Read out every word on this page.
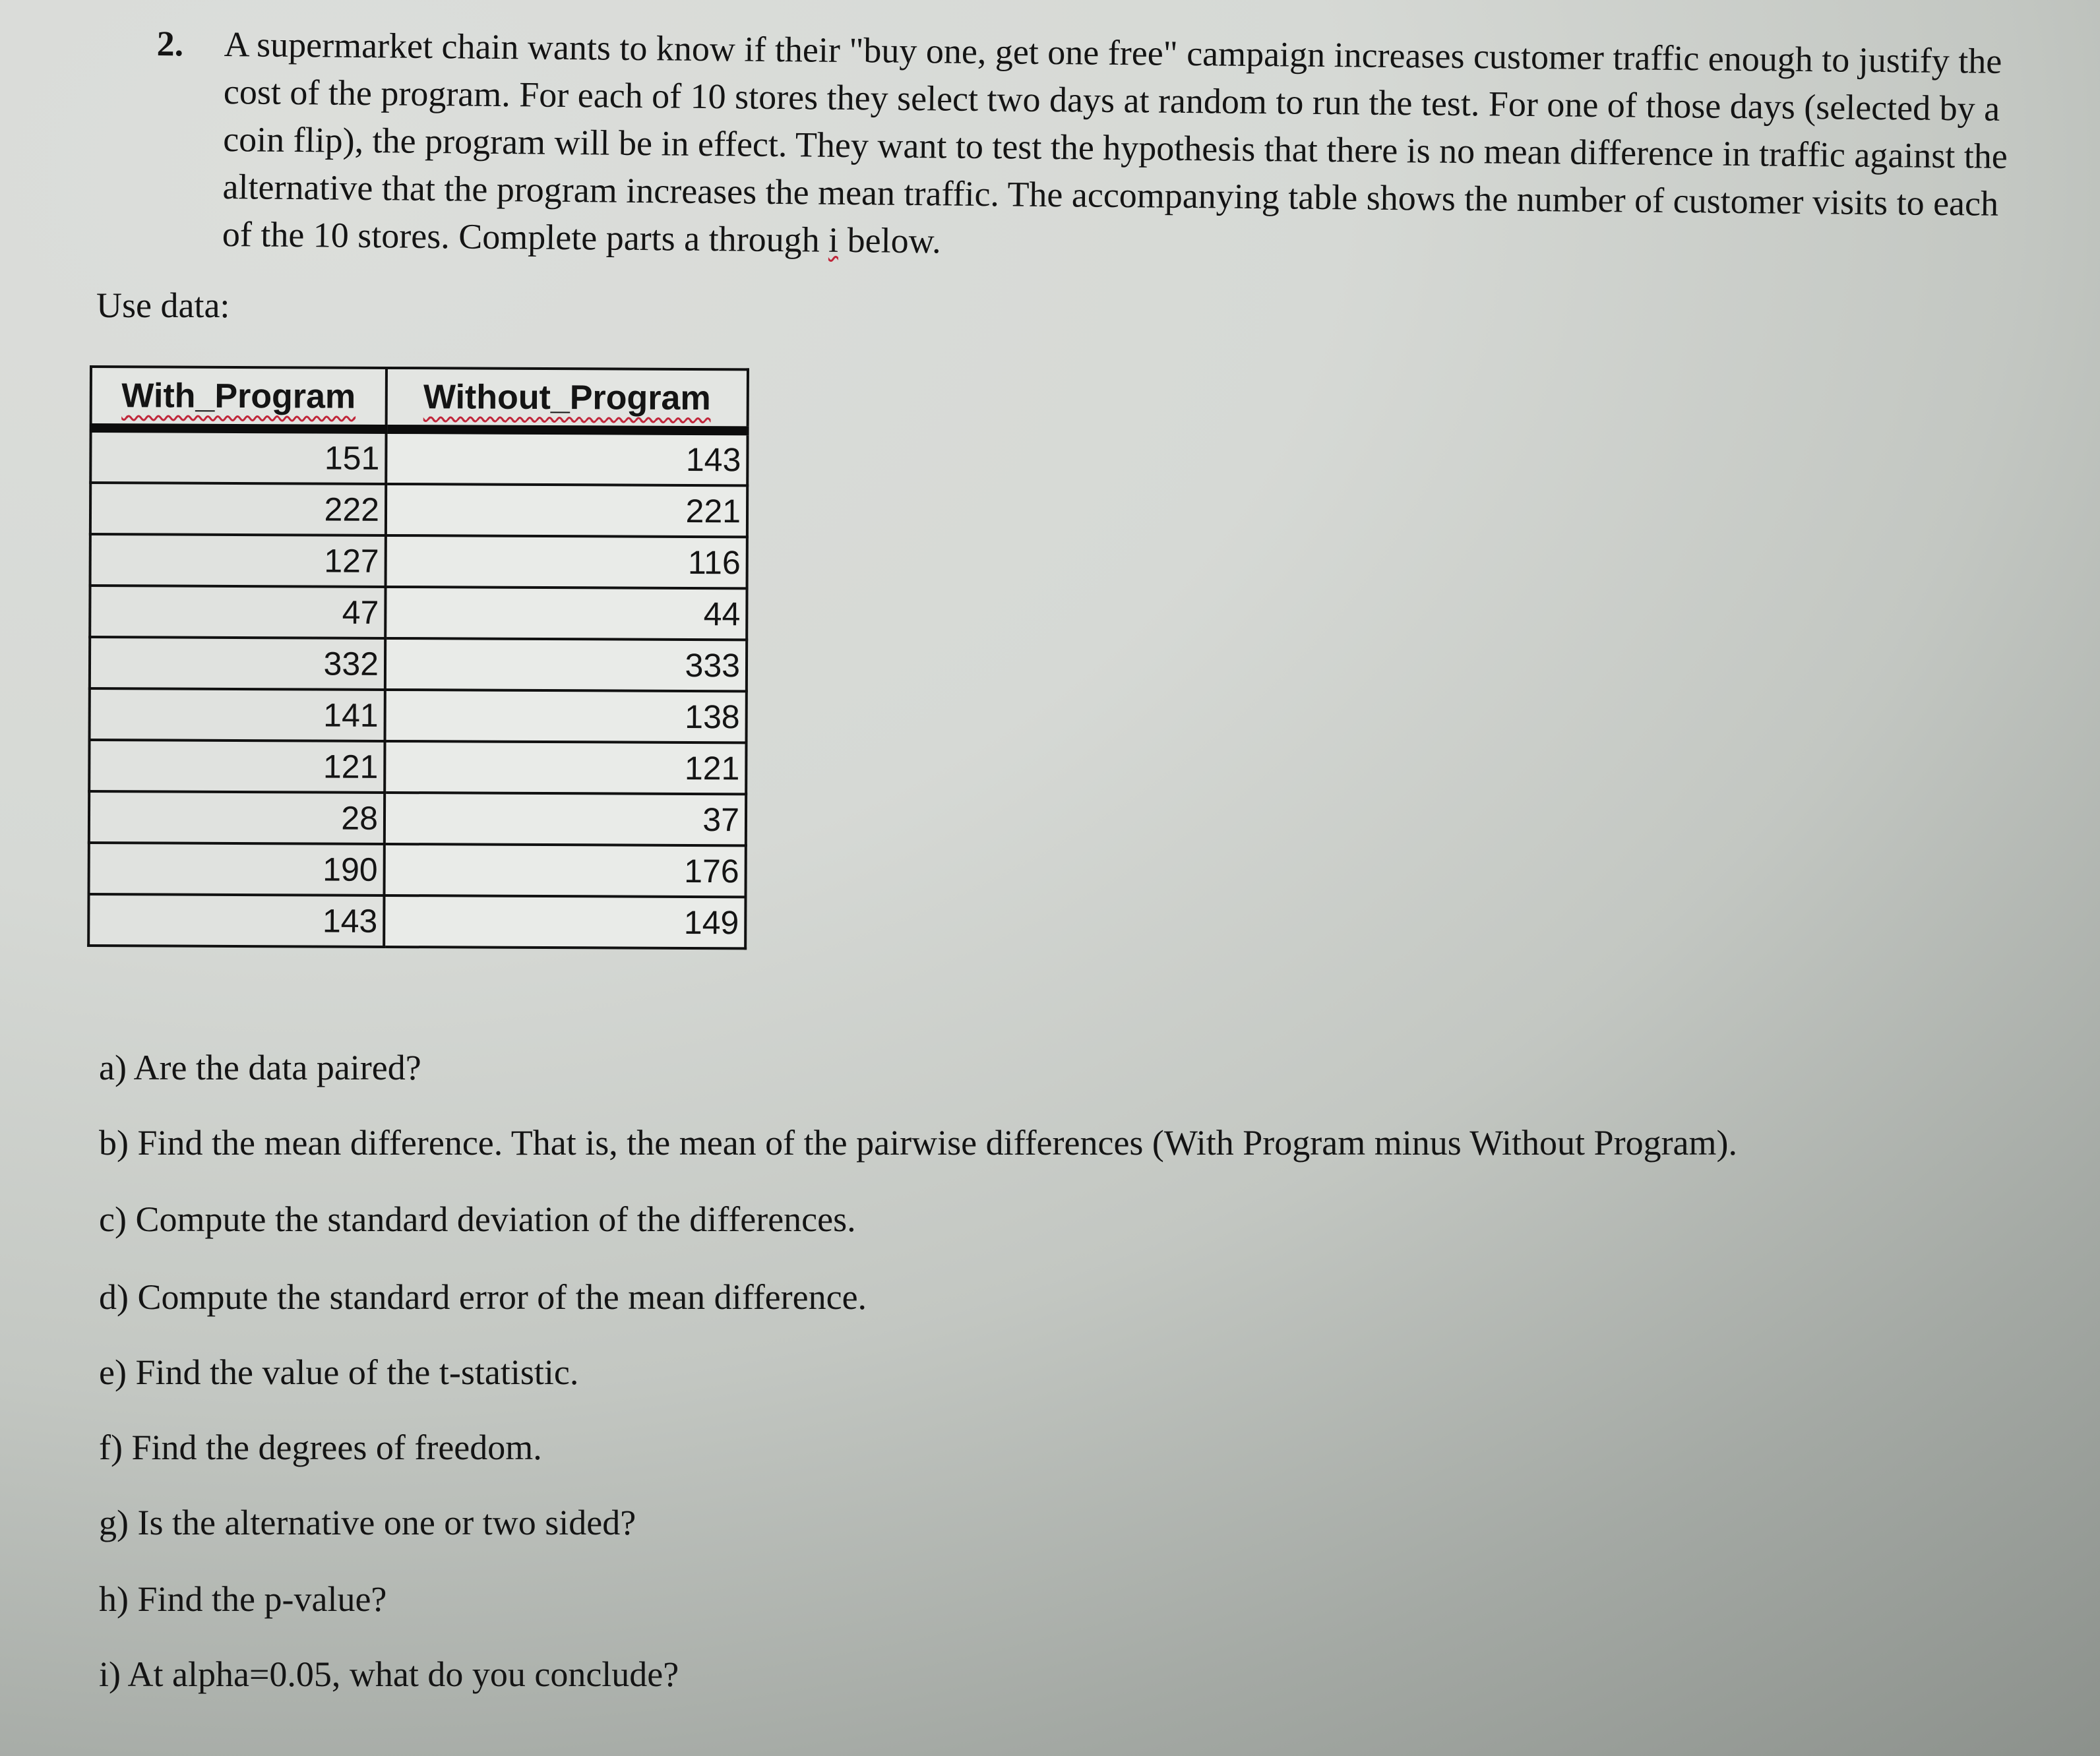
2. A supermarket chain wants to know if their "buy one, get one free" campaign increases customer traffic enough to justify the cost of the program. For each of 10 stores they select two days at random to run the test. For one of those days (selected by a coin flip), the program will be in effect. They want to test the hypothesis that there is no mean difference in traffic against the alternative that the program increases the mean traffic. The accompanying table shows the number of customer visits to each of the 10 stores. Complete parts a through i below.
Use data:
With_Program	Without_Program
151	143
222	221
127	116
47	44
332	333
141	138
121	121
28	37
190	176
143	149
a) Are the data paired?
b) Find the mean difference. That is, the mean of the pairwise differences (With Program minus Without Program).
c) Compute the standard deviation of the differences.
d) Compute the standard error of the mean difference.
e) Find the value of the t-statistic.
f) Find the degrees of freedom.
g) Is the alternative one or two sided?
h) Find the p-value?
i) At alpha=0.05, what do you conclude?
